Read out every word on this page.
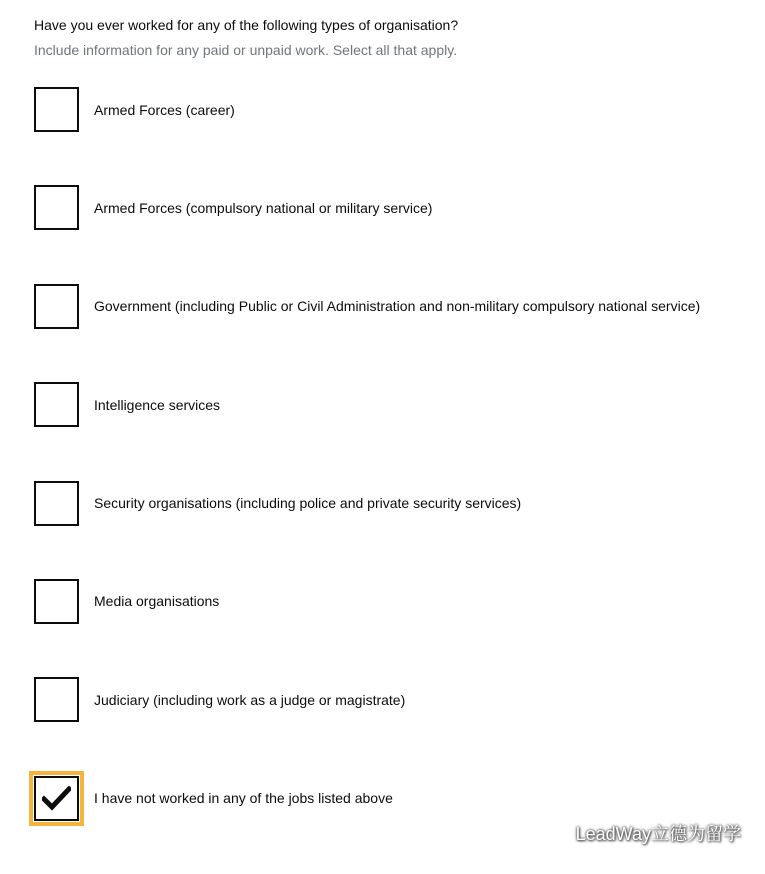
Have you ever worked for any of the following types of organisation?

Include information for any paid or unpaid work. Select all that apply.

Armed Forces (career)
Armed Forces (compulsory national or military service)
Government (including Public or Civil Administration and non-military compulsory national service)
Intelligence services
Security organisations (including police and private security services)
Media organisations
Judiciary (including work as a judge or magistrate)
I have not worked in any of the jobs listed above
LeadWay立德为留学
